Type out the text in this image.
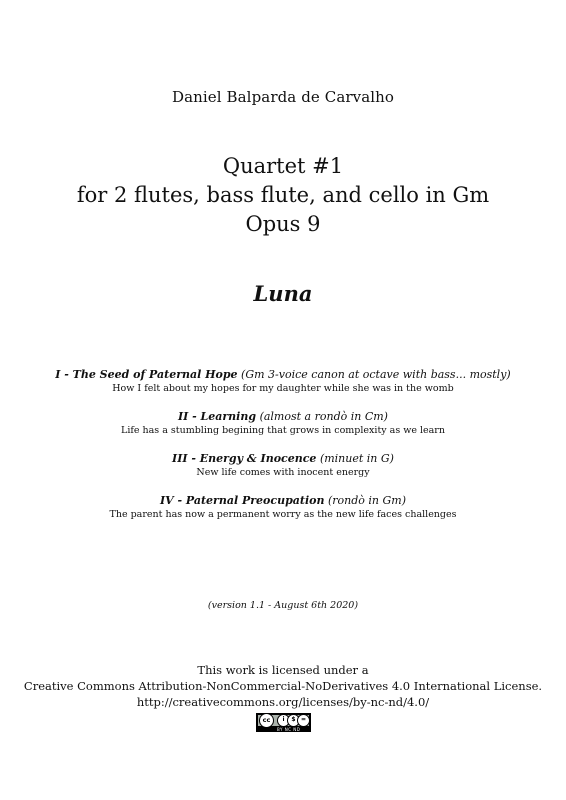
Daniel Balparda de Carvalho
Quartet #1
for 2 flutes, bass flute, and cello in Gm
Opus 9
Luna
I - The Seed of Paternal Hope (Gm 3-voice canon at octave with bass... mostly)
How I felt about my hopes for my daughter while she was in the womb
II - Learning (almost a rondò in Cm)
Life has a stumbling begining that grows in complexity as we learn
III - Energy & Inocence (minuet in G)
New life comes with inocent energy
IV - Paternal Preocupation (rondò in Gm)
The parent has now a permanent worry as the new life faces challenges
(version 1.1 - August 6th 2020)
This work is licensed under a
Creative Commons Attribution-NonCommercial-NoDerivatives 4.0 International License.
http://creativecommons.org/licenses/by-nc-nd/4.0/
cc	i	$ =
BY NC ND
